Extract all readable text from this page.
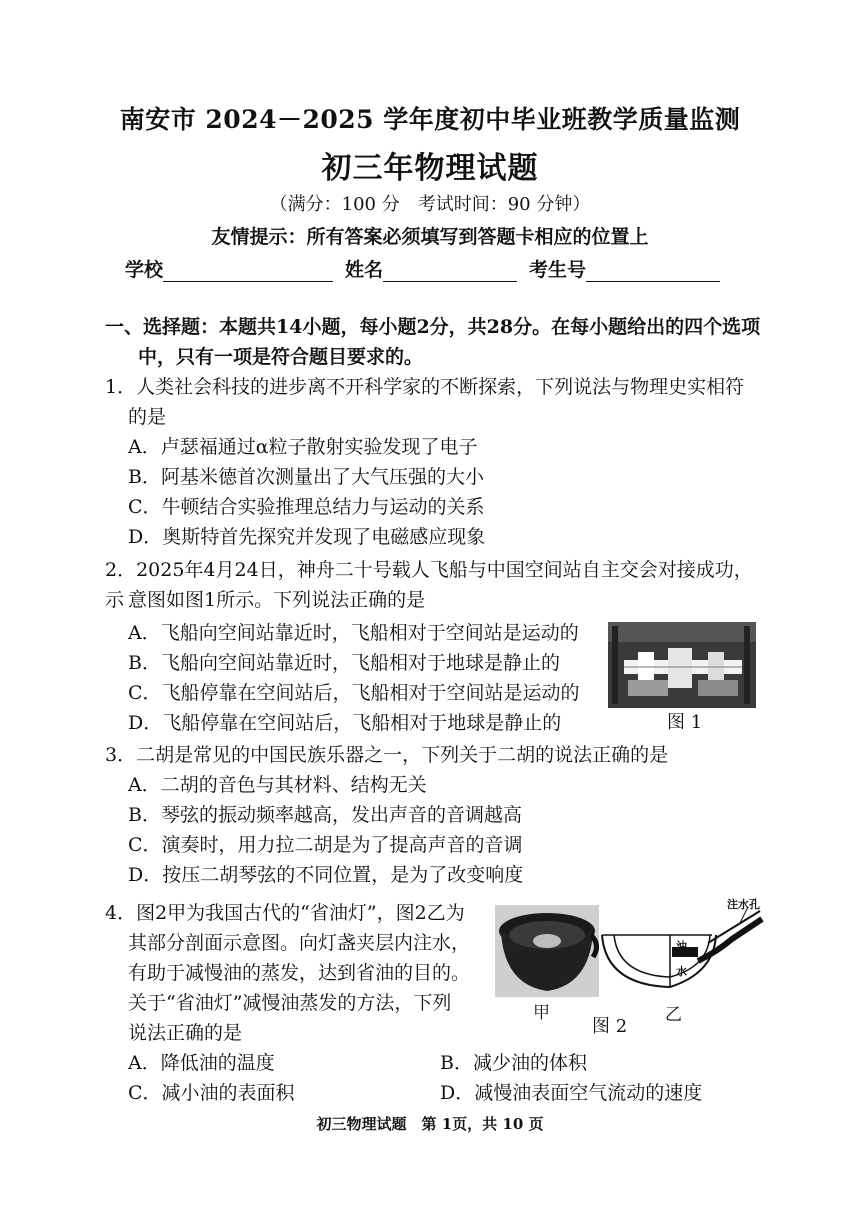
南安市 2024－2025 学年度初中毕业班教学质量监测
初三年物理试题
（满分：100 分　考试时间：90 分钟）
友情提示：所有答案必须填写到答题卡相应的位置上
学校	姓名	考生号
一、选择题：本题共14小题，每小题2分，共28分。在每小题给出的四个选项
中，只有一项是符合题目要求的。
1．人类社会科技的进步离不开科学家的不断探索，下列说法与物理史实相符
的是
A．卢瑟福通过α粒子散射实验发现了电子
B．阿基米德首次测量出了大气压强的大小
C．牛顿结合实验推理总结力与运动的关系
D．奥斯特首先探究并发现了电磁感应现象
2．2025年4月24日，神舟二十号载人飞船与中国空间站自主交会对接成功，示 意图如图1所示。下列说法正确的是
A．飞船向空间站靠近时，飞船相对于空间站是运动的
B．飞船向空间站靠近时，飞船相对于地球是静止的
C．飞船停靠在空间站后，飞船相对于空间站是运动的
D．飞船停靠在空间站后，飞船相对于地球是静止的	图 1
3．二胡是常见的中国民族乐器之一，下列关于二胡的说法正确的是
A．二胡的音色与其材料、结构无关
B．琴弦的振动频率越高，发出声音的音调越高
C．演奏时，用力拉二胡是为了提高声音的音调
D．按压二胡琴弦的不同位置，是为了改变响度
4．图2甲为我国古代的“省油灯”，图2乙为
其部分剖面示意图。向灯盏夹层内注水，
有助于减慢油的蒸发，达到省油的目的。
关于“省油灯”减慢油蒸发的方法，下列
说法正确的是
注水孔
油
水
甲
图 2
乙
A．降低油的温度	B．减少油的体积
C．减小油的表面积	D．减慢油表面空气流动的速度
初三物理试题　第 1页，共 10 页
